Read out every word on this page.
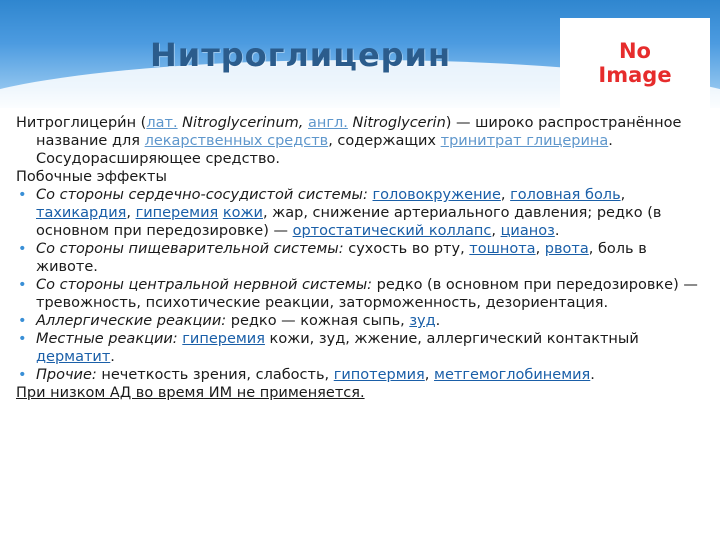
Нитроглицерин	No
Image

Нитроглицери́н (лат. Nitroglycerinum, англ. Nitroglycerin) — широко распространённое название для лекарственных средств, содержащих тринитрат глицерина. Сосудорасширяющее средство.

Побочные эффекты

• Со стороны сердечно-сосудистой системы: головокружение, головная боль, тахикардия, гиперемия кожи, жар, снижение артериального давления; редко (в основном при передозировке) — ортостатический коллапс, цианоз.
• Со стороны пищеварительной системы: сухость во рту, тошнота, рвота, боль в животе.
• Со стороны центральной нервной системы: редко (в основном при передозировке) — тревожность, психотические реакции, заторможенность, дезориентация.
• Аллергические реакции: редко — кожная сыпь, зуд.
• Местные реакции: гиперемия кожи, зуд, жжение, аллергический контактный дерматит.
• Прочие: нечеткость зрения, слабость, гипотермия, метгемоглобинемия.

При низком АД во время ИМ не применяется.
